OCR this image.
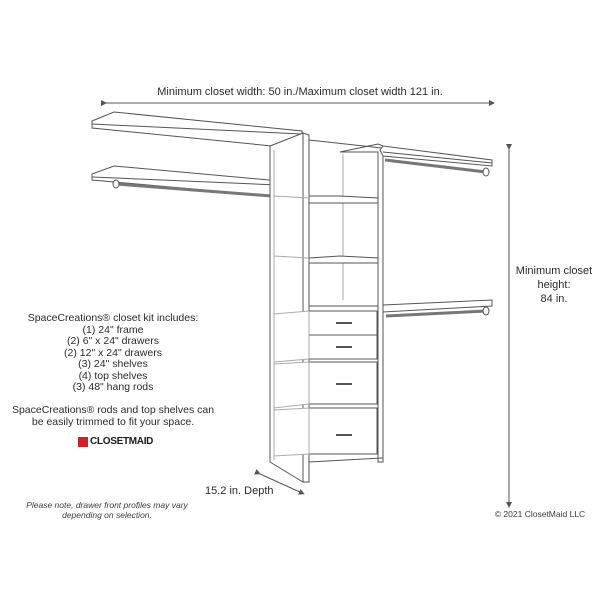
Minimum closet width: 50 in./Maximum closet width 121 in.
Minimum closet
height:
84 in.
15.2 in. Depth
SpaceCreations® closet kit includes:
(1) 24" frame
(2) 6" x 24" drawers
(2) 12" x 24" drawers
(3) 24" shelves
(4) top shelves
(3) 48" hang rods
SpaceCreations® rods and top shelves can
be easily trimmed to fit your space.
CLOSETMAID
Please note, drawer front profiles may vary
depending on selection.	© 2021 ClosetMaid LLC
